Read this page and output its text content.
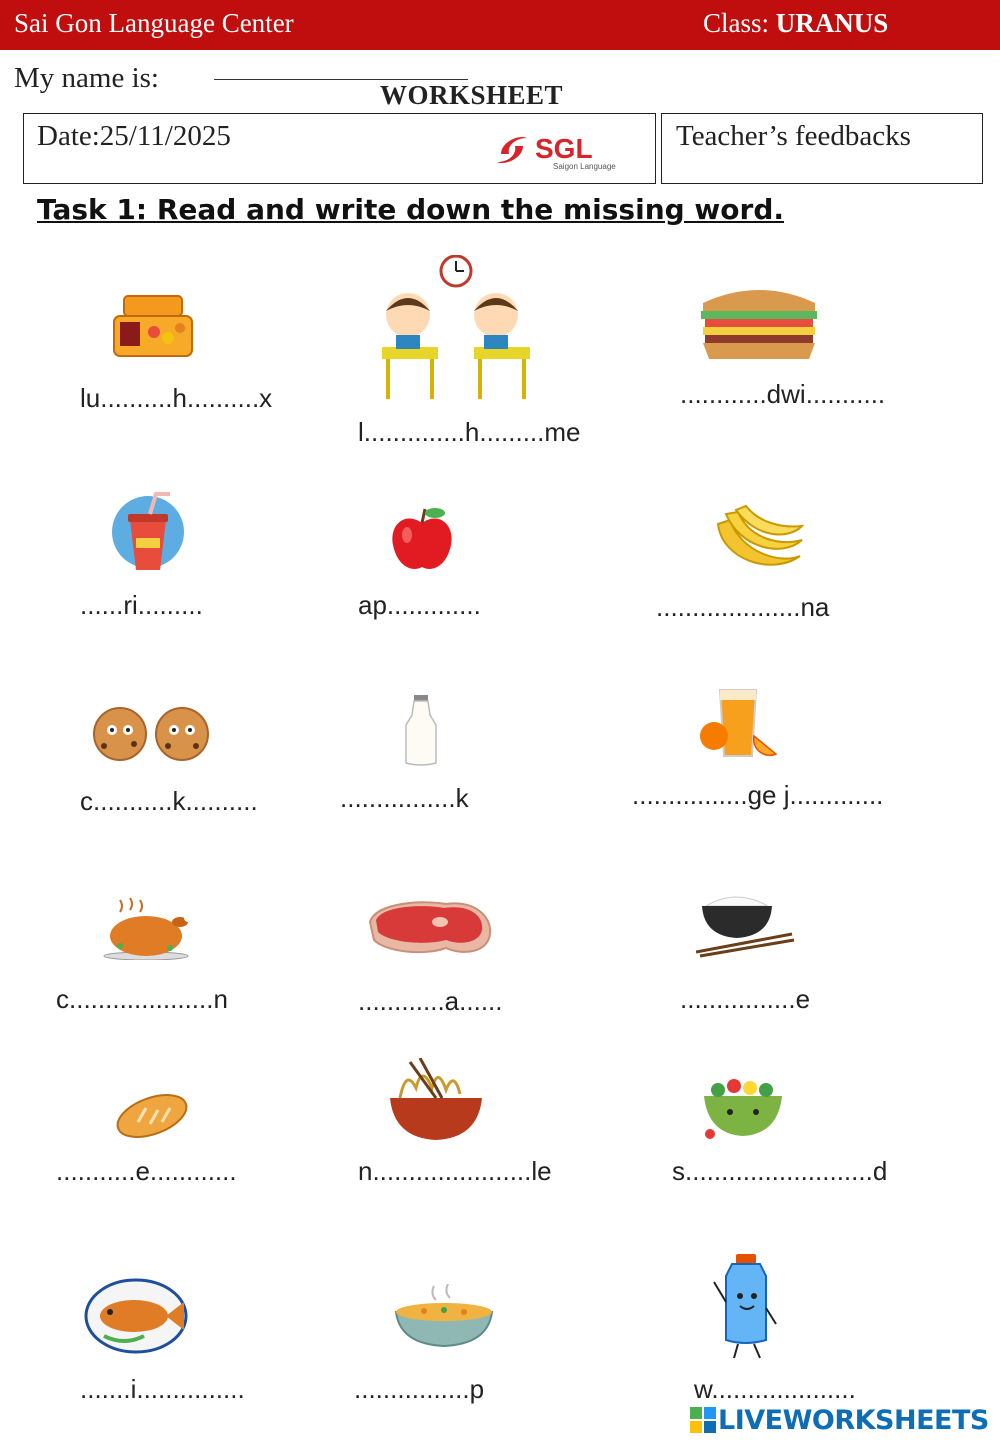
Sai Gon Language Center	Class: URANUS
My name is:
WORKSHEET
Date:25/11/2025	SGL
Saigon Language
Teacher’s feedbacks
Task 1: Read and write down the missing word.
lu..........h..........x
l..............h.........me
............dwi...........
......ri.........	ap.............	....................na
c...........k..........	................k	................ge j.............
c....................n	............a......	................e
...........e............	n......................le	s..........................d
.......i...............	................p	w....................
LIVEWORKSHEETS
